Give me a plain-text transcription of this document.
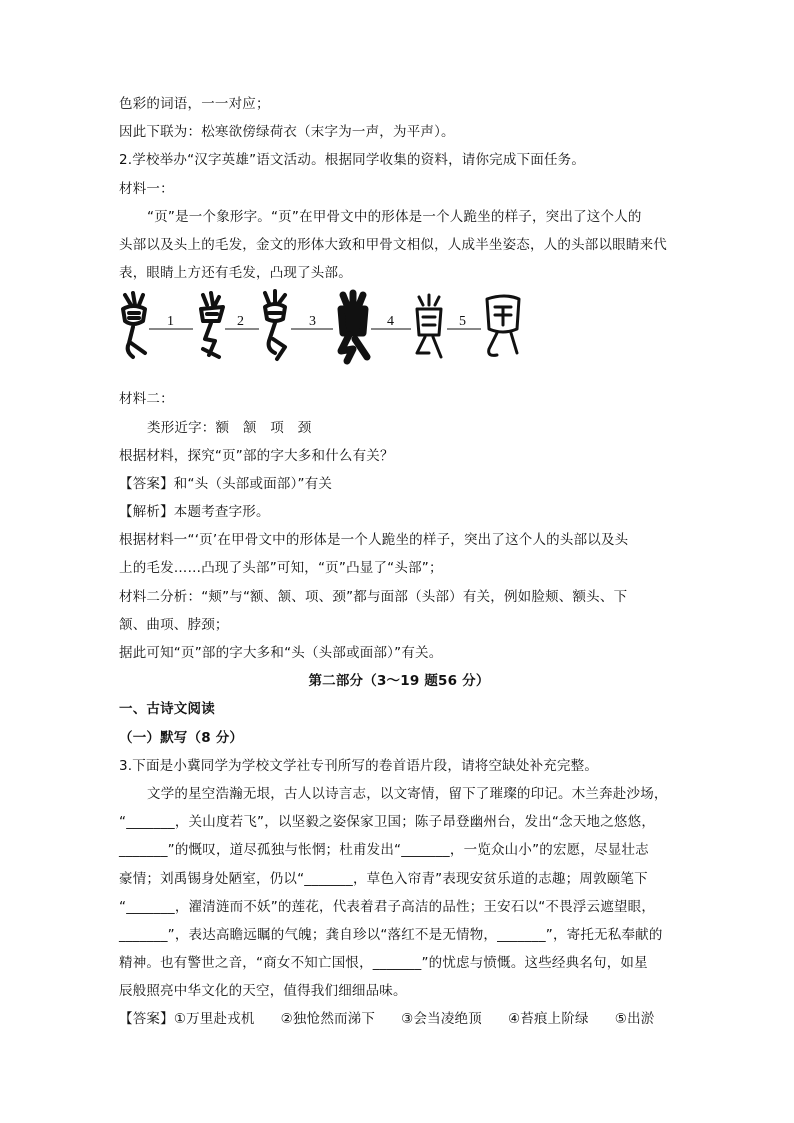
色彩的词语，一一对应；
因此下联为：松寒欲傍绿荷衣（末字为一声，为平声）。
2.学校举办“汉字英雄”语文活动。根据同学收集的资料，请你完成下面任务。
材料一：
“页”是一个象形字。“页”在甲骨文中的形体是一个人跪坐的样子，突出了这个人的
头部以及头上的毛发，金文的形体大致和甲骨文相似，人成半坐姿态，人的头部以眼睛来代
表，眼睛上方还有毛发，凸现了头部。
1	2	3	4	5
材料二：
类形近字：额　颔　项　颈
根据材料，探究“页”部的字大多和什么有关？
【答案】和“头（头部或面部）”有关
【解析】本题考查字形。
根据材料一“‘页’在甲骨文中的形体是一个人跪坐的样子，突出了这个人的头部以及头
上的毛发……凸现了头部”可知，“页”凸显了“头部”；
材料二分析：“颊”与“额、颔、项、颈”都与面部（头部）有关，例如脸颊、额头、下
颔、曲项、脖颈；
据此可知“页”部的字大多和“头（头部或面部）”有关。
第二部分（3～19 题56 分）
一、古诗文阅读
（一）默写（8 分）
3.下面是小冀同学为学校文学社专刊所写的卷首语片段，请将空缺处补充完整。
文学的星空浩瀚无垠，古人以诗言志，以文寄情，留下了璀璨的印记。木兰奔赴沙场，
“_______，关山度若飞”，以坚毅之姿保家卫国；陈子昂登幽州台，发出“念天地之悠悠，
_______”的慨叹，道尽孤独与怅惘；杜甫发出“_______，一览众山小”的宏愿，尽显壮志
豪情；刘禹锡身处陋室，仍以“_______，草色入帘青”表现安贫乐道的志趣；周敦颐笔下
“_______，濯清涟而不妖”的莲花，代表着君子高洁的品性；王安石以“不畏浮云遮望眼，
_______”，表达高瞻远瞩的气魄；龚自珍以“落红不是无情物，_______”，寄托无私奉献的
精神。也有警世之音，“商女不知亡国恨，_______”的忧虑与愤慨。这些经典名句，如星
辰般照亮中华文化的天空，值得我们细细品味。
【答案】①万里赴戎机 ②独怆然而涕下 ③会当凌绝顶 ④苔痕上阶绿 ⑤出淤
